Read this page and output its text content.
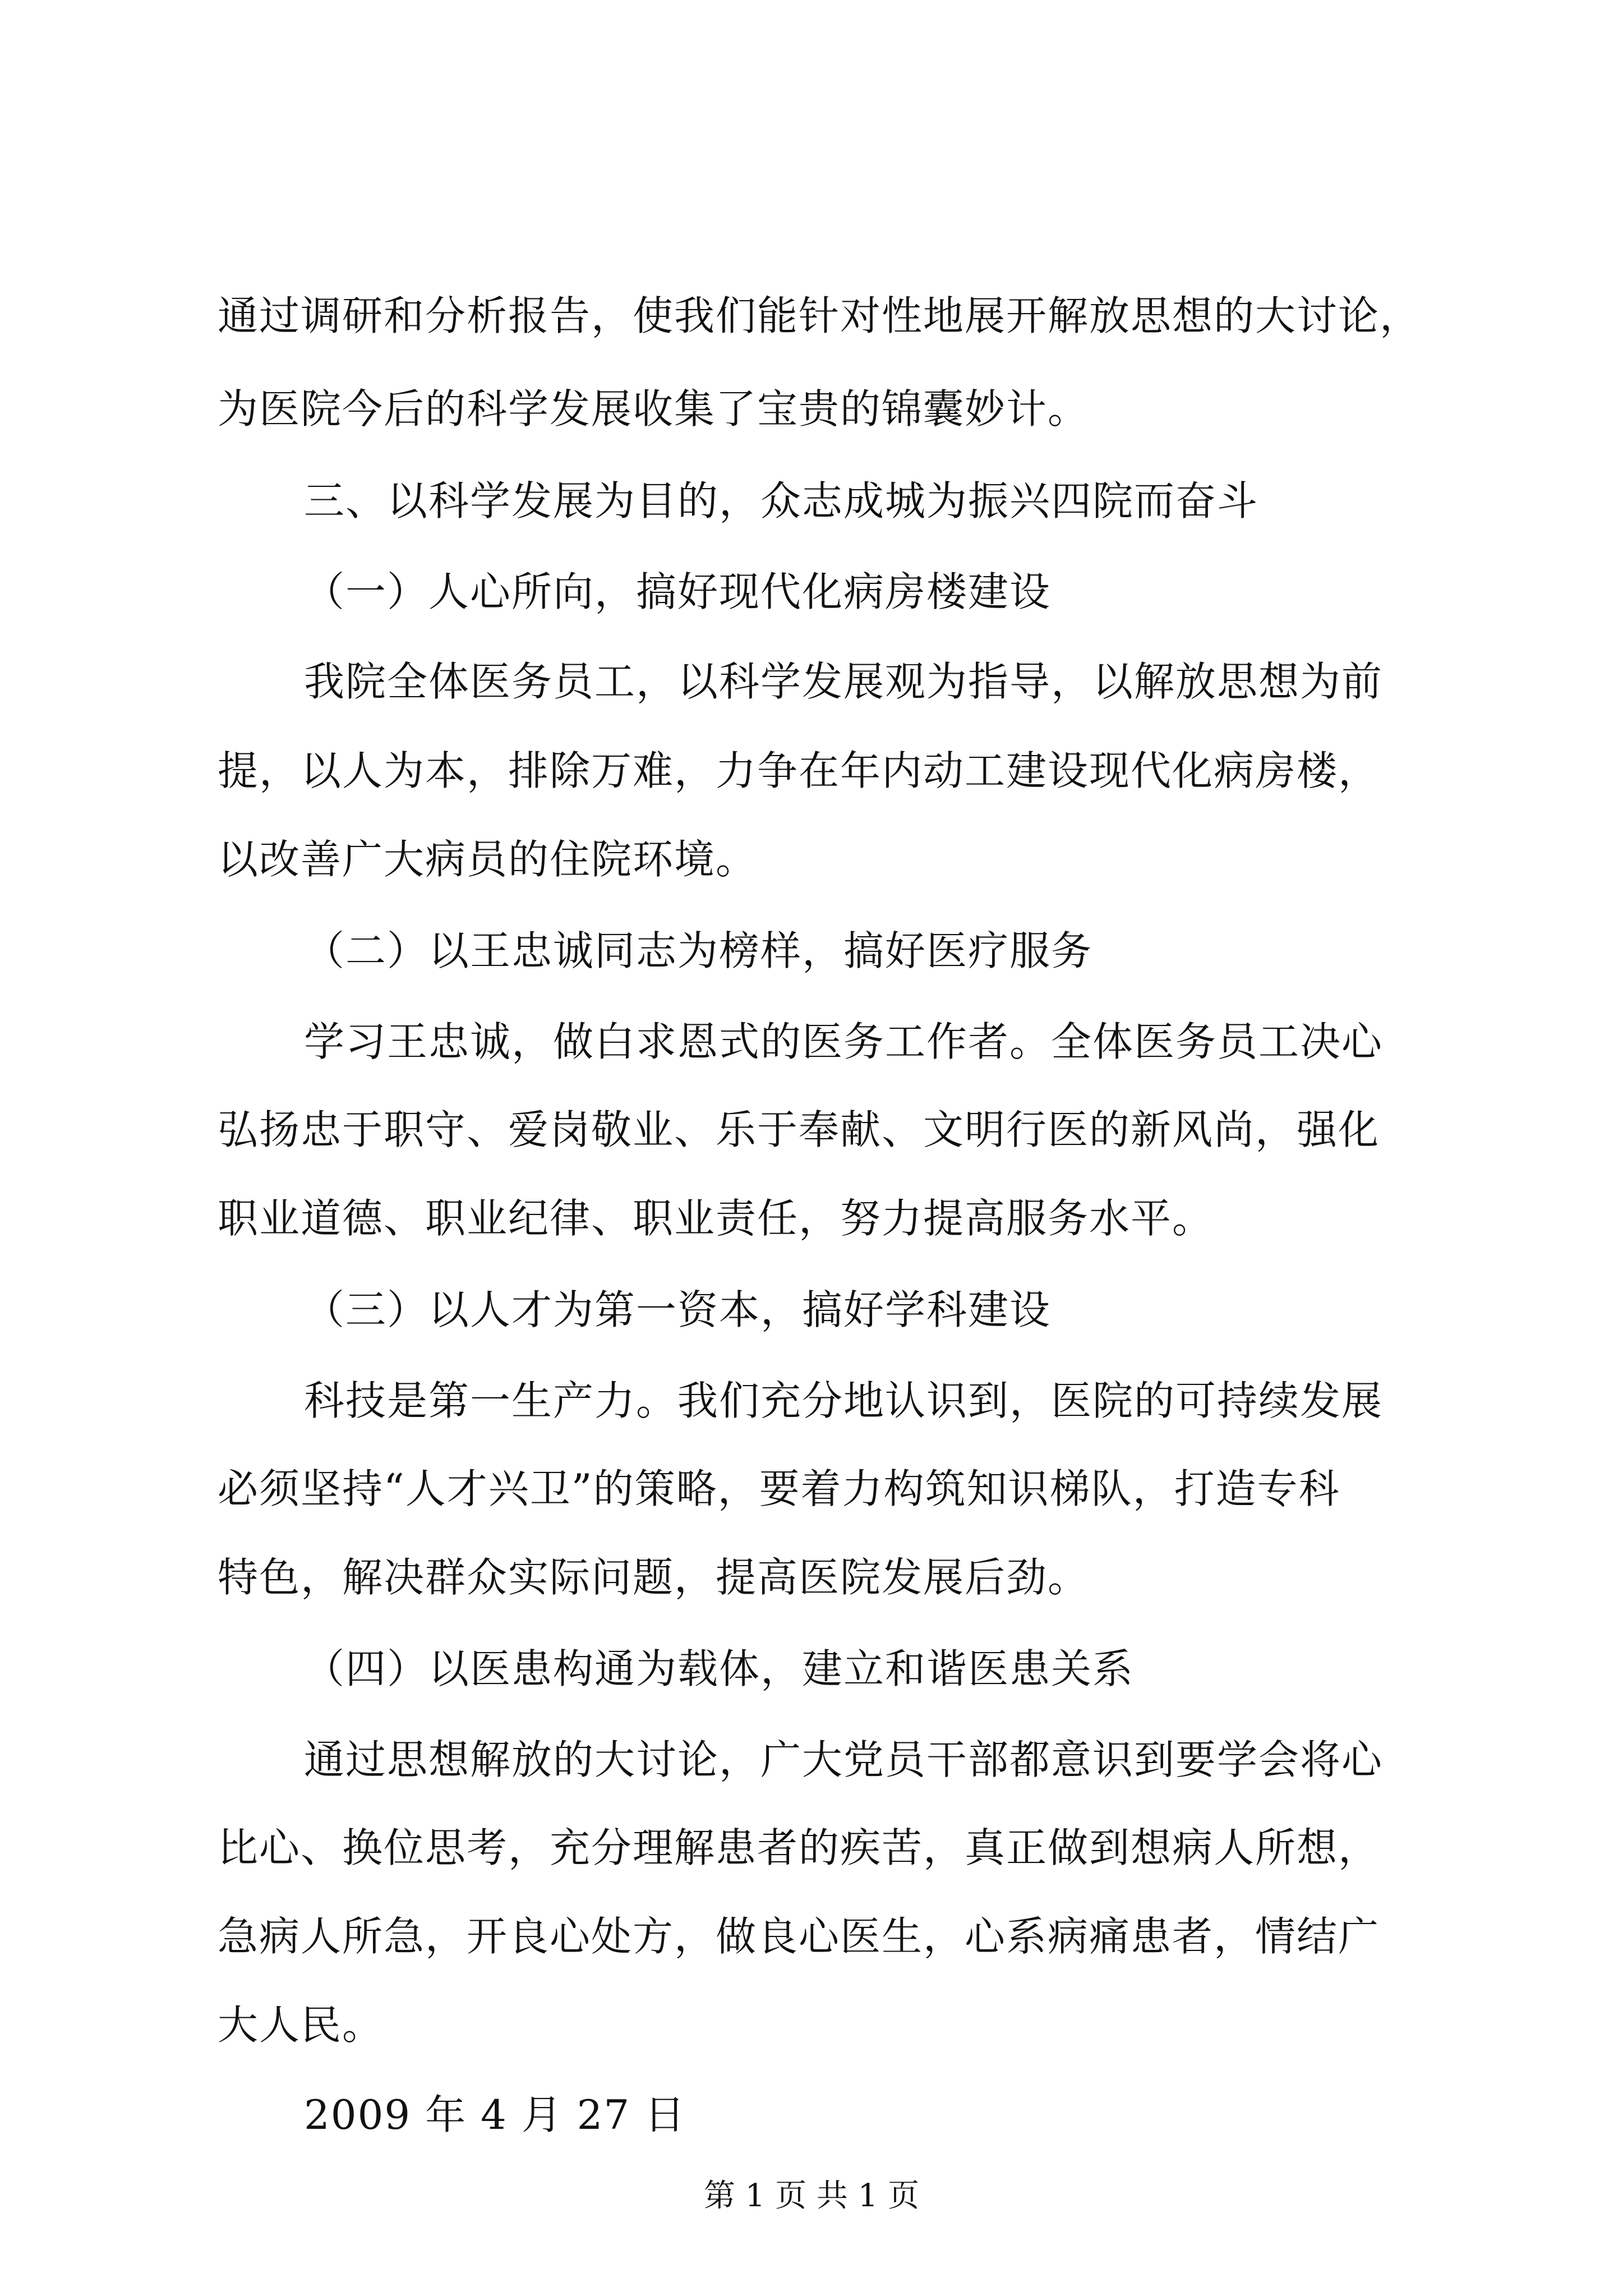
通过调研和分析报告，使我们能针对性地展开解放思想的大讨论，
为医院今后的科学发展收集了宝贵的锦囊妙计。
三、以科学发展为目的，众志成城为振兴四院而奋斗
（一）人心所向，搞好现代化病房楼建设
我院全体医务员工，以科学发展观为指导，以解放思想为前
提，以人为本，排除万难，力争在年内动工建设现代化病房楼，
以改善广大病员的住院环境。
（二）以王忠诚同志为榜样，搞好医疗服务
学习王忠诚，做白求恩式的医务工作者。全体医务员工决心
弘扬忠于职守、爱岗敬业、乐于奉献、文明行医的新风尚，强化
职业道德、职业纪律、职业责任，努力提高服务水平。
（三）以人才为第一资本，搞好学科建设
科技是第一生产力。我们充分地认识到，医院的可持续发展
必须坚持“人才兴卫”的策略，要着力构筑知识梯队，打造专科
特色，解决群众实际问题，提高医院发展后劲。
（四）以医患构通为载体，建立和谐医患关系
通过思想解放的大讨论，广大党员干部都意识到要学会将心
比心、换位思考，充分理解患者的疾苦，真正做到想病人所想，
急病人所急，开良心处方，做良心医生，心系病痛患者，情结广
大人民。
2009 年 4 月 27 日
第 1 页 共 1 页
